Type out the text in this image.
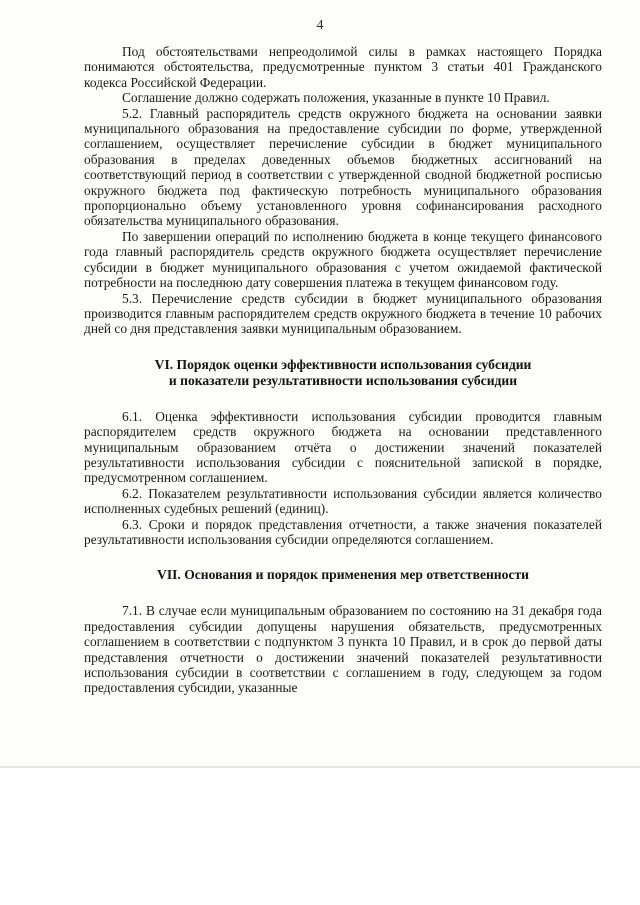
4

Под обстоятельствами непреодолимой силы в рамках настоящего Порядка понимаются обстоятельства, предусмотренные пунктом 3 статьи 401 Гражданского кодекса Российской Федерации.

Соглашение должно содержать положения, указанные в пункте 10 Правил.

5.2. Главный распорядитель средств окружного бюджета на основании заявки муниципального образования на предоставление субсидии по форме, утвержденной соглашением, осуществляет перечисление субсидии в бюджет муниципального образования в пределах доведенных объемов бюджетных ассигнований на соответствующий период в соответствии с утвержденной сводной бюджетной росписью окружного бюджета под фактическую потребность муниципального образования пропорционально объему установленного уровня софинансирования расходного обязательства муниципального образования.

По завершении операций по исполнению бюджета в конце текущего финансового года главный распорядитель средств окружного бюджета осуществляет перечисление субсидии в бюджет муниципального образования с учетом ожидаемой фактической потребности на последнюю дату совершения платежа в текущем финансовом году.

5.3. Перечисление средств субсидии в бюджет муниципального образования производится главным распорядителем средств окружного бюджета в течение 10 рабочих дней со дня представления заявки муниципальным образованием.

VI. Порядок оценки эффективности использования субсидии
и показатели результативности использования субсидии

6.1. Оценка эффективности использования субсидии проводится главным распорядителем средств окружного бюджета на основании представленного муниципальным образованием отчёта о достижении значений показателей результативности использования субсидии с пояснительной запиской в порядке, предусмотренном соглашением.

6.2. Показателем результативности использования субсидии является количество исполненных судебных решений (единиц).

6.3. Сроки и порядок представления отчетности, а также значения показателей результативности использования субсидии определяются соглашением.

VII. Основания и порядок применения мер ответственности

7.1. В случае если муниципальным образованием по состоянию на 31 декабря года предоставления субсидии допущены нарушения обязательств, предусмотренных соглашением в соответствии с подпунктом 3 пункта 10 Правил, и в срок до первой даты представления отчетности о достижении значений показателей результативности использования субсидии в соответствии с соглашением в году, следующем за годом предоставления субсидии, указанные
